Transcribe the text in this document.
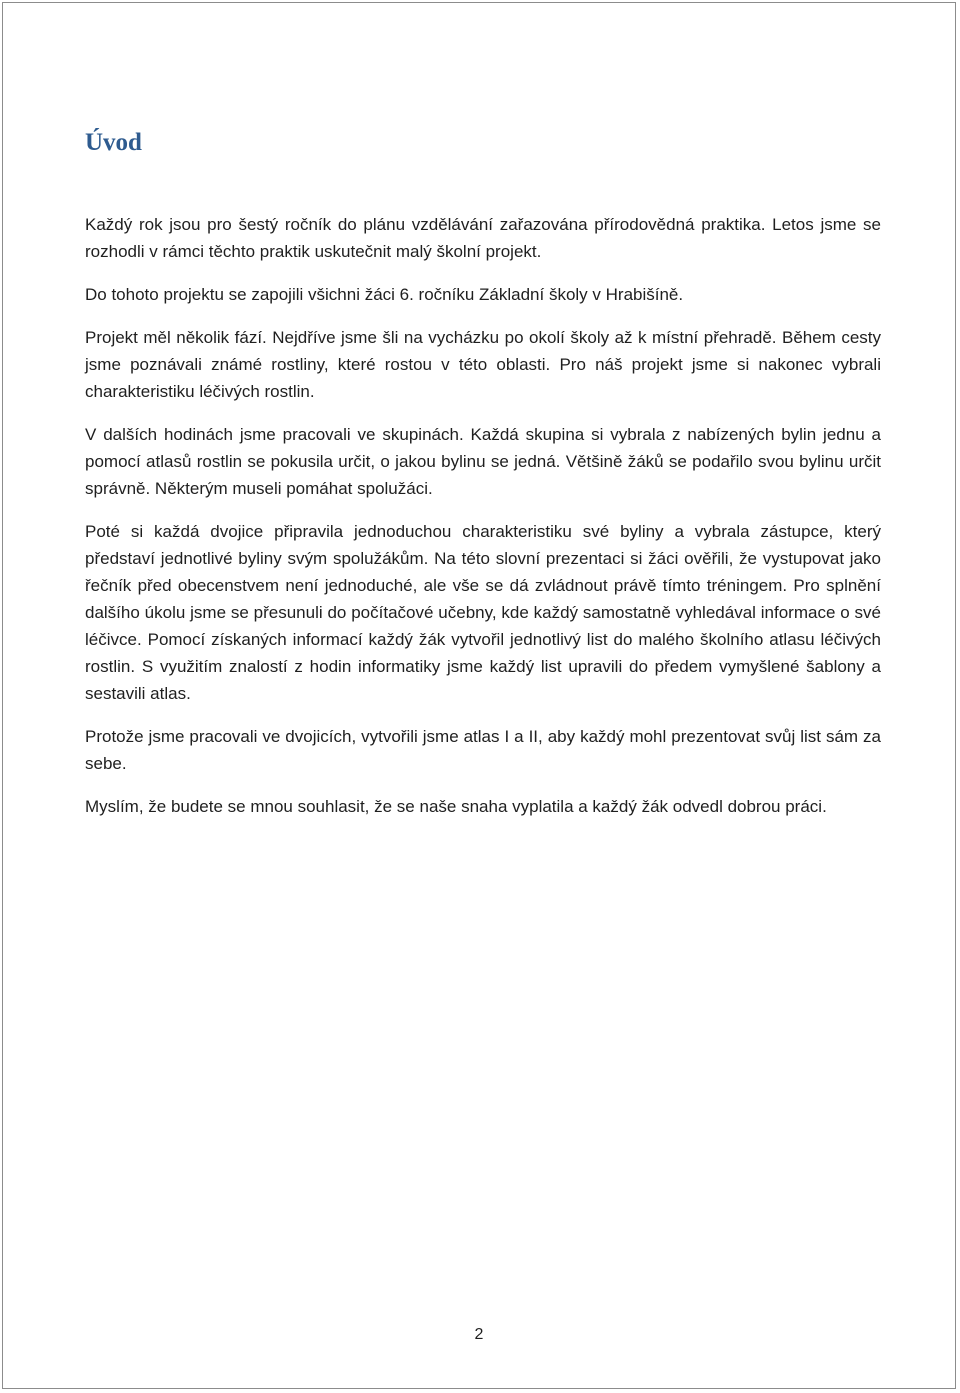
Úvod

Každý rok jsou pro šestý ročník do plánu vzdělávání zařazována přírodovědná praktika. Letos jsme se rozhodli v rámci těchto praktik uskutečnit malý školní projekt.

Do tohoto projektu se zapojili všichni žáci 6. ročníku Základní školy v Hrabišíně.

Projekt měl několik fází. Nejdříve jsme šli na vycházku po okolí školy až k místní přehradě. Během cesty jsme poznávali známé rostliny, které rostou v této oblasti. Pro náš projekt jsme si nakonec vybrali charakteristiku léčivých rostlin.

V dalších hodinách jsme pracovali ve skupinách. Každá skupina si vybrala z nabízených bylin jednu a pomocí atlasů rostlin se pokusila určit, o jakou bylinu se jedná. Většině žáků se podařilo svou bylinu určit správně. Některým museli pomáhat spolužáci.

Poté si každá dvojice připravila jednoduchou charakteristiku své byliny a vybrala zástupce, který představí jednotlivé byliny svým spolužákům. Na této slovní prezentaci si žáci ověřili, že vystupovat jako řečník před obecenstvem není jednoduché, ale vše se dá zvládnout právě tímto tréningem. Pro splnění dalšího úkolu jsme se přesunuli do počítačové učebny, kde každý samostatně vyhledával informace o své léčivce. Pomocí získaných informací každý žák vytvořil jednotlivý list do malého školního atlasu léčivých rostlin. S využitím znalostí z hodin informatiky jsme každý list upravili do předem vymyšlené šablony a sestavili atlas.

Protože jsme pracovali ve dvojicích, vytvořili jsme atlas I a II, aby každý mohl prezentovat svůj list sám za sebe.

Myslím, že budete se mnou souhlasit, že se naše snaha vyplatila a každý žák odvedl dobrou práci.

2
